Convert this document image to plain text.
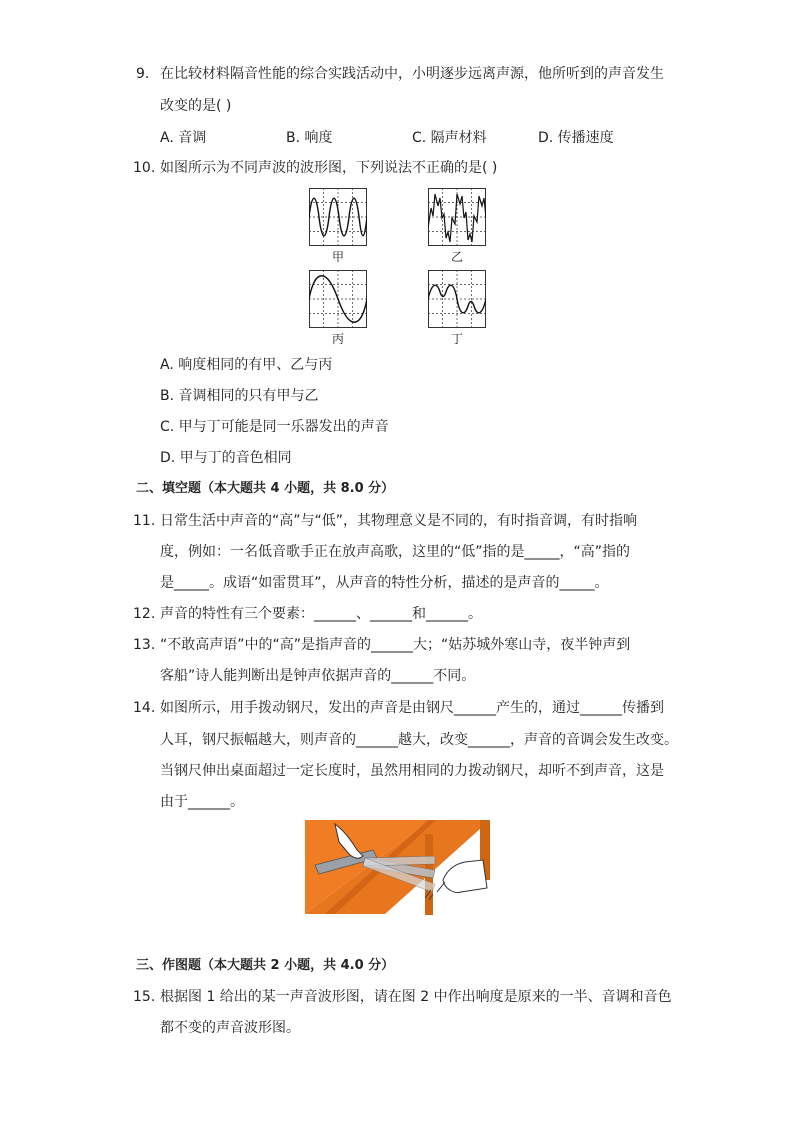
9. 在比较材料隔音性能的综合实践活动中，小明逐步远离声源，他所听到的声音发生
改变的是( )
A. 音调	B. 响度	C. 隔声材料	D. 传播速度
10. 如图所示为不同声波的波形图，下列说法不正确的是( )
甲	乙
丙	丁
A. 响度相同的有甲、乙与丙
B. 音调相同的只有甲与乙
C. 甲与丁可能是同一乐器发出的声音
D. 甲与丁的音色相同
二、填空题（本大题共 4 小题，共 8.0 分）
11. 日常生活中声音的“高”与“低”，其物理意义是不同的，有时指音调，有时指响
度，例如：一名低音歌手正在放声高歌，这里的“低”指的是_____，“高”指的
是_____。成语“如雷贯耳”，从声音的特性分析，描述的是声音的_____。
12. 声音的特性有三个要素：______、______和______。
13. “不敢高声语”中的“高”是指声音的______大；“姑苏城外寒山寺，夜半钟声到
客船”诗人能判断出是钟声依据声音的______不同。
14. 如图所示，用手拨动钢尺，发出的声音是由钢尺______产生的，通过______传播到
人耳，钢尺振幅越大，则声音的______越大，改变______，声音的音调会发生改变。
当钢尺伸出桌面超过一定长度时，虽然用相同的力拨动钢尺，却听不到声音，这是
由于______。
三、作图题（本大题共 2 小题，共 4.0 分）
15. 根据图 1 给出的某一声音波形图，请在图 2 中作出响度是原来的一半、音调和音色
都不变的声音波形图。
